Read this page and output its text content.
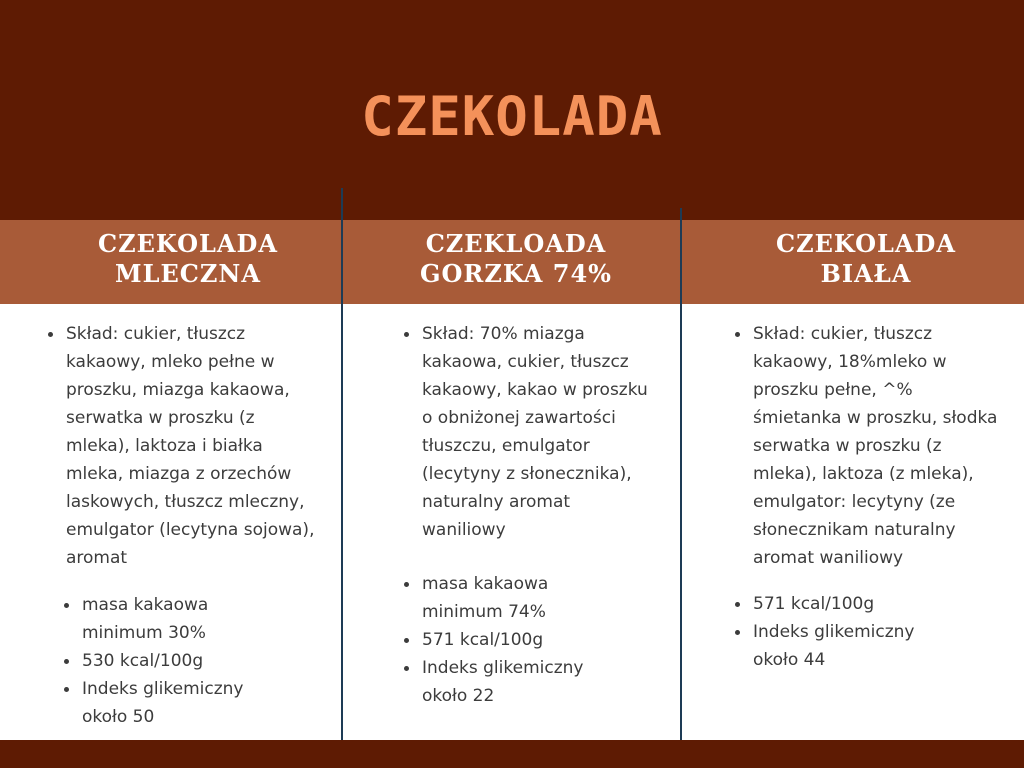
CZEKOLADA
CZEKOLADA
MLECZNA
CZEKLOADA
GORZKA 74%
CZEKOLADA
BIAŁA
Skład: cukier, tłuszcz kakaowy, mleko pełne w proszku, miazga kakaowa, serwatka w proszku (z mleka), laktoza i białka mleka, miazga z orzechów laskowych, tłuszcz mleczny, emulgator (lecytyna sojowa), aromat
masa kakaowa minimum 30%
530 kcal/100g
Indeks glikemiczny około 50
Skład: 70% miazga kakaowa, cukier, tłuszcz kakaowy, kakao w proszku o obniżonej zawartości tłuszczu, emulgator (lecytyny z słonecznika), naturalny aromat waniliowy
masa kakaowa minimum 74%
571 kcal/100g
Indeks glikemiczny około 22
Skład: cukier, tłuszcz kakaowy, 18%mleko w proszku pełne, ^% śmietanka w proszku, słodka serwatka w proszku (z mleka), laktoza (z mleka), emulgator: lecytyny (ze słonecznikam naturalny aromat waniliowy
571 kcal/100g
Indeks glikemiczny około 44
